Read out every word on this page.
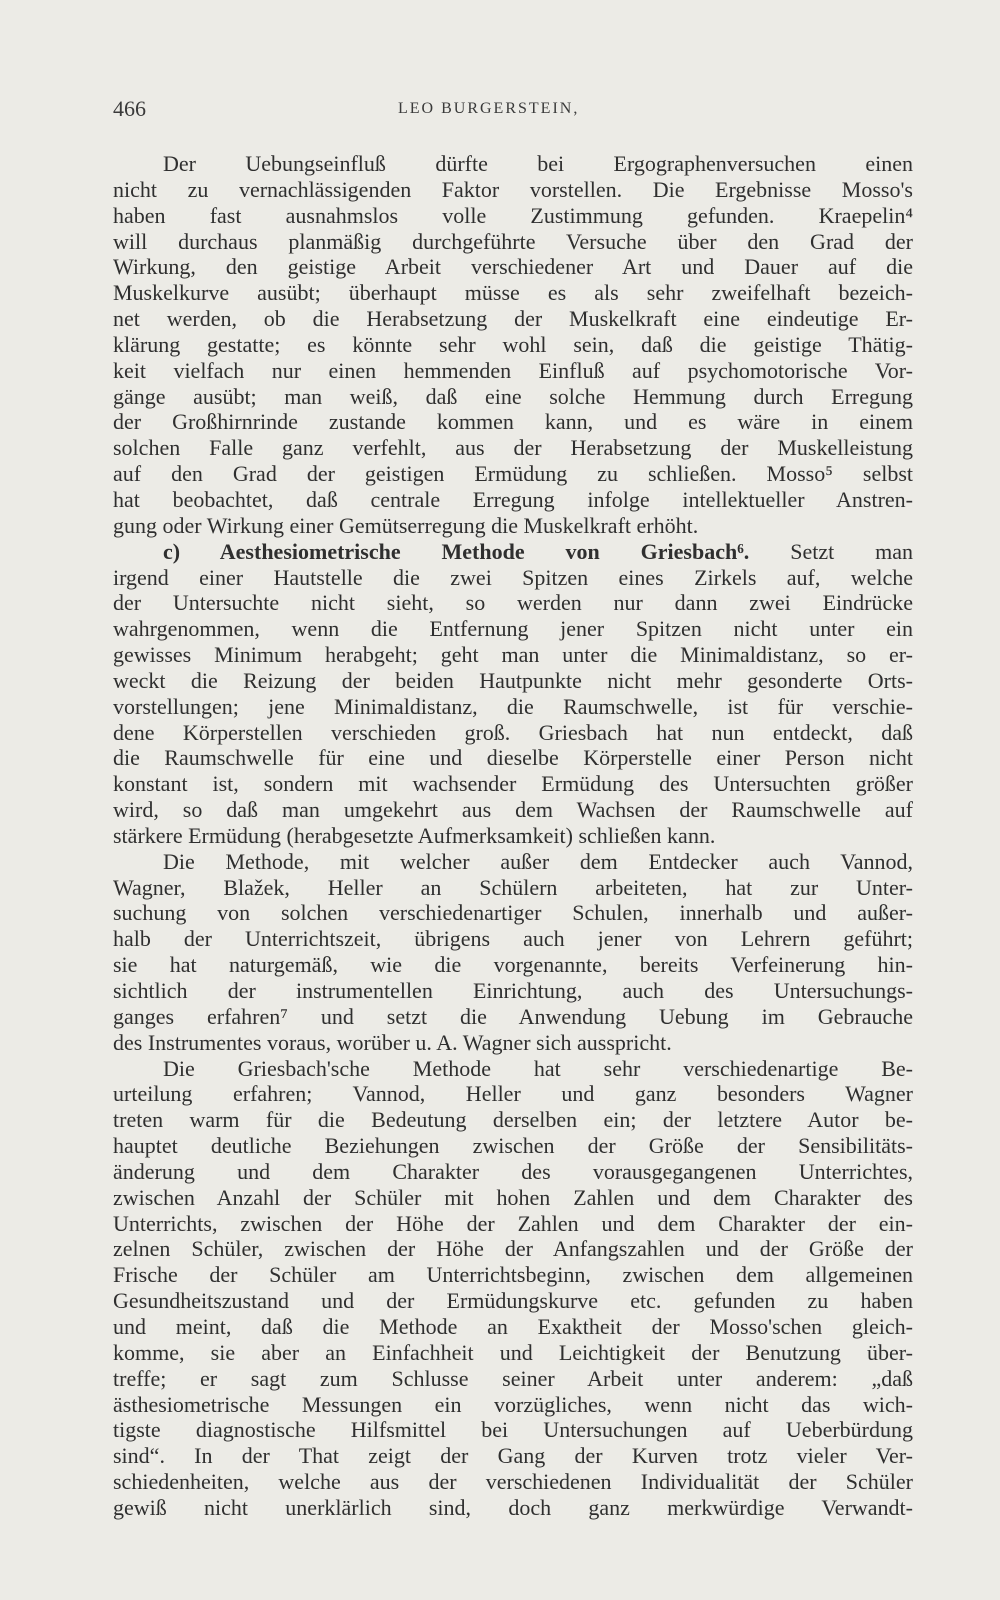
466	LEO BURGERSTEIN,
Der Uebungseinfluß dürfte bei Ergographenversuchen einen
nicht zu vernachlässigenden Faktor vorstellen. Die Ergebnisse Mosso's
haben fast ausnahmslos volle Zustimmung gefunden. Kraepelin⁴
will durchaus planmäßig durchgeführte Versuche über den Grad der
Wirkung, den geistige Arbeit verschiedener Art und Dauer auf die
Muskelkurve ausübt; überhaupt müsse es als sehr zweifelhaft bezeich-
net werden, ob die Herabsetzung der Muskelkraft eine eindeutige Er-
klärung gestatte; es könnte sehr wohl sein, daß die geistige Thätig-
keit vielfach nur einen hemmenden Einfluß auf psychomotorische Vor-
gänge ausübt; man weiß, daß eine solche Hemmung durch Erregung
der Großhirnrinde zustande kommen kann, und es wäre in einem
solchen Falle ganz verfehlt, aus der Herabsetzung der Muskelleistung
auf den Grad der geistigen Ermüdung zu schließen. Mosso⁵ selbst
hat beobachtet, daß centrale Erregung infolge intellektueller Anstren-
gung oder Wirkung einer Gemütserregung die Muskelkraft erhöht.
c) Aesthesiometrische Methode von Griesbach⁶. Setzt man
irgend einer Hautstelle die zwei Spitzen eines Zirkels auf, welche
der Untersuchte nicht sieht, so werden nur dann zwei Eindrücke
wahrgenommen, wenn die Entfernung jener Spitzen nicht unter ein
gewisses Minimum herabgeht; geht man unter die Minimaldistanz, so er-
weckt die Reizung der beiden Hautpunkte nicht mehr gesonderte Orts-
vorstellungen; jene Minimaldistanz, die Raumschwelle, ist für verschie-
dene Körperstellen verschieden groß. Griesbach hat nun entdeckt, daß
die Raumschwelle für eine und dieselbe Körperstelle einer Person nicht
konstant ist, sondern mit wachsender Ermüdung des Untersuchten größer
wird, so daß man umgekehrt aus dem Wachsen der Raumschwelle auf
stärkere Ermüdung (herabgesetzte Aufmerksamkeit) schließen kann.
Die Methode, mit welcher außer dem Entdecker auch Vannod,
Wagner, Blažek, Heller an Schülern arbeiteten, hat zur Unter-
suchung von solchen verschiedenartiger Schulen, innerhalb und außer-
halb der Unterrichtszeit, übrigens auch jener von Lehrern geführt;
sie hat naturgemäß, wie die vorgenannte, bereits Verfeinerung hin-
sichtlich der instrumentellen Einrichtung, auch des Untersuchungs-
ganges erfahren⁷ und setzt die Anwendung Uebung im Gebrauche
des Instrumentes voraus, worüber u. A. Wagner sich ausspricht.
Die Griesbach'sche Methode hat sehr verschiedenartige Be-
urteilung erfahren; Vannod, Heller und ganz besonders Wagner
treten warm für die Bedeutung derselben ein; der letztere Autor be-
hauptet deutliche Beziehungen zwischen der Größe der Sensibilitäts-
änderung und dem Charakter des vorausgegangenen Unterrichtes,
zwischen Anzahl der Schüler mit hohen Zahlen und dem Charakter des
Unterrichts, zwischen der Höhe der Zahlen und dem Charakter der ein-
zelnen Schüler, zwischen der Höhe der Anfangszahlen und der Größe der
Frische der Schüler am Unterrichtsbeginn, zwischen dem allgemeinen
Gesundheitszustand und der Ermüdungskurve etc. gefunden zu haben
und meint, daß die Methode an Exaktheit der Mosso'schen gleich-
komme, sie aber an Einfachheit und Leichtigkeit der Benutzung über-
treffe; er sagt zum Schlusse seiner Arbeit unter anderem: „daß
ästhesiometrische Messungen ein vorzügliches, wenn nicht das wich-
tigste diagnostische Hilfsmittel bei Untersuchungen auf Ueberbürdung
sind“. In der That zeigt der Gang der Kurven trotz vieler Ver-
schiedenheiten, welche aus der verschiedenen Individualität der Schüler
gewiß nicht unerklärlich sind, doch ganz merkwürdige Verwandt-
